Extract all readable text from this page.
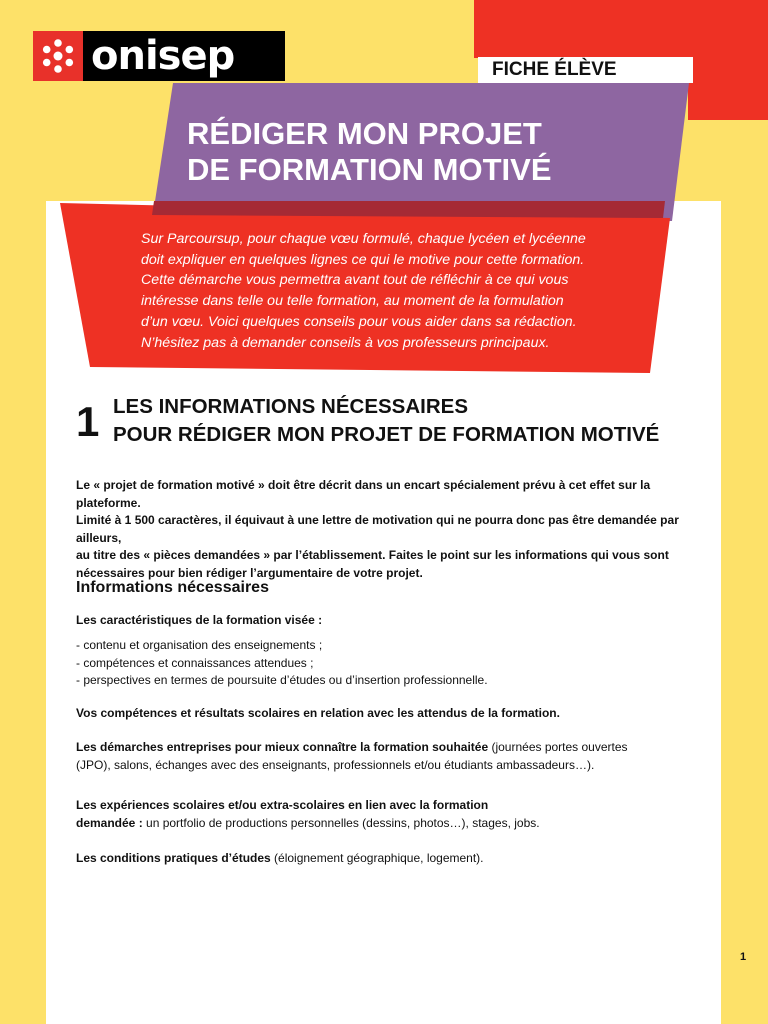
onisep	FICHE ÉLÈVE
RÉDIGER MON PROJET
DE FORMATION MOTIVÉ

Sur Parcoursup, pour chaque vœu formulé, chaque lycéen et lycéenne
doit expliquer en quelques lignes ce qui le motive pour cette formation.
Cette démarche vous permettra avant tout de réfléchir à ce qui vous
intéresse dans telle ou telle formation, au moment de la formulation
d’un vœu. Voici quelques conseils pour vous aider dans sa rédaction.
N’hésitez pas à demander conseils à vos professeurs principaux.

1 LES INFORMATIONS NÉCESSAIRES
POUR RÉDIGER MON PROJET DE FORMATION MOTIVÉ

Le « projet de formation motivé » doit être décrit dans un encart spécialement prévu à cet effet sur la plateforme.
Limité à 1 500 caractères, il équivaut à une lettre de motivation qui ne pourra donc pas être demandée par ailleurs,
au titre des « pièces demandées » par l’établissement. Faites le point sur les informations qui vous sont
nécessaires pour bien rédiger l’argumentaire de votre projet.

Informations nécessaires

Les caractéristiques de la formation visée :

- contenu et organisation des enseignements ;
- compétences et connaissances attendues ;
- perspectives en termes de poursuite d’études ou d’insertion professionnelle.

Vos compétences et résultats scolaires en relation avec les attendus de la formation.

Les démarches entreprises pour mieux connaître la formation souhaitée (journées portes ouvertes
(JPO), salons, échanges avec des enseignants, professionnels et/ou étudiants ambassadeurs…).

Les expériences scolaires et/ou extra-scolaires en lien avec la formation
demandée : un portfolio de productions personnelles (dessins, photos…), stages, jobs.

Les conditions pratiques d’études (éloignement géographique, logement).

1
